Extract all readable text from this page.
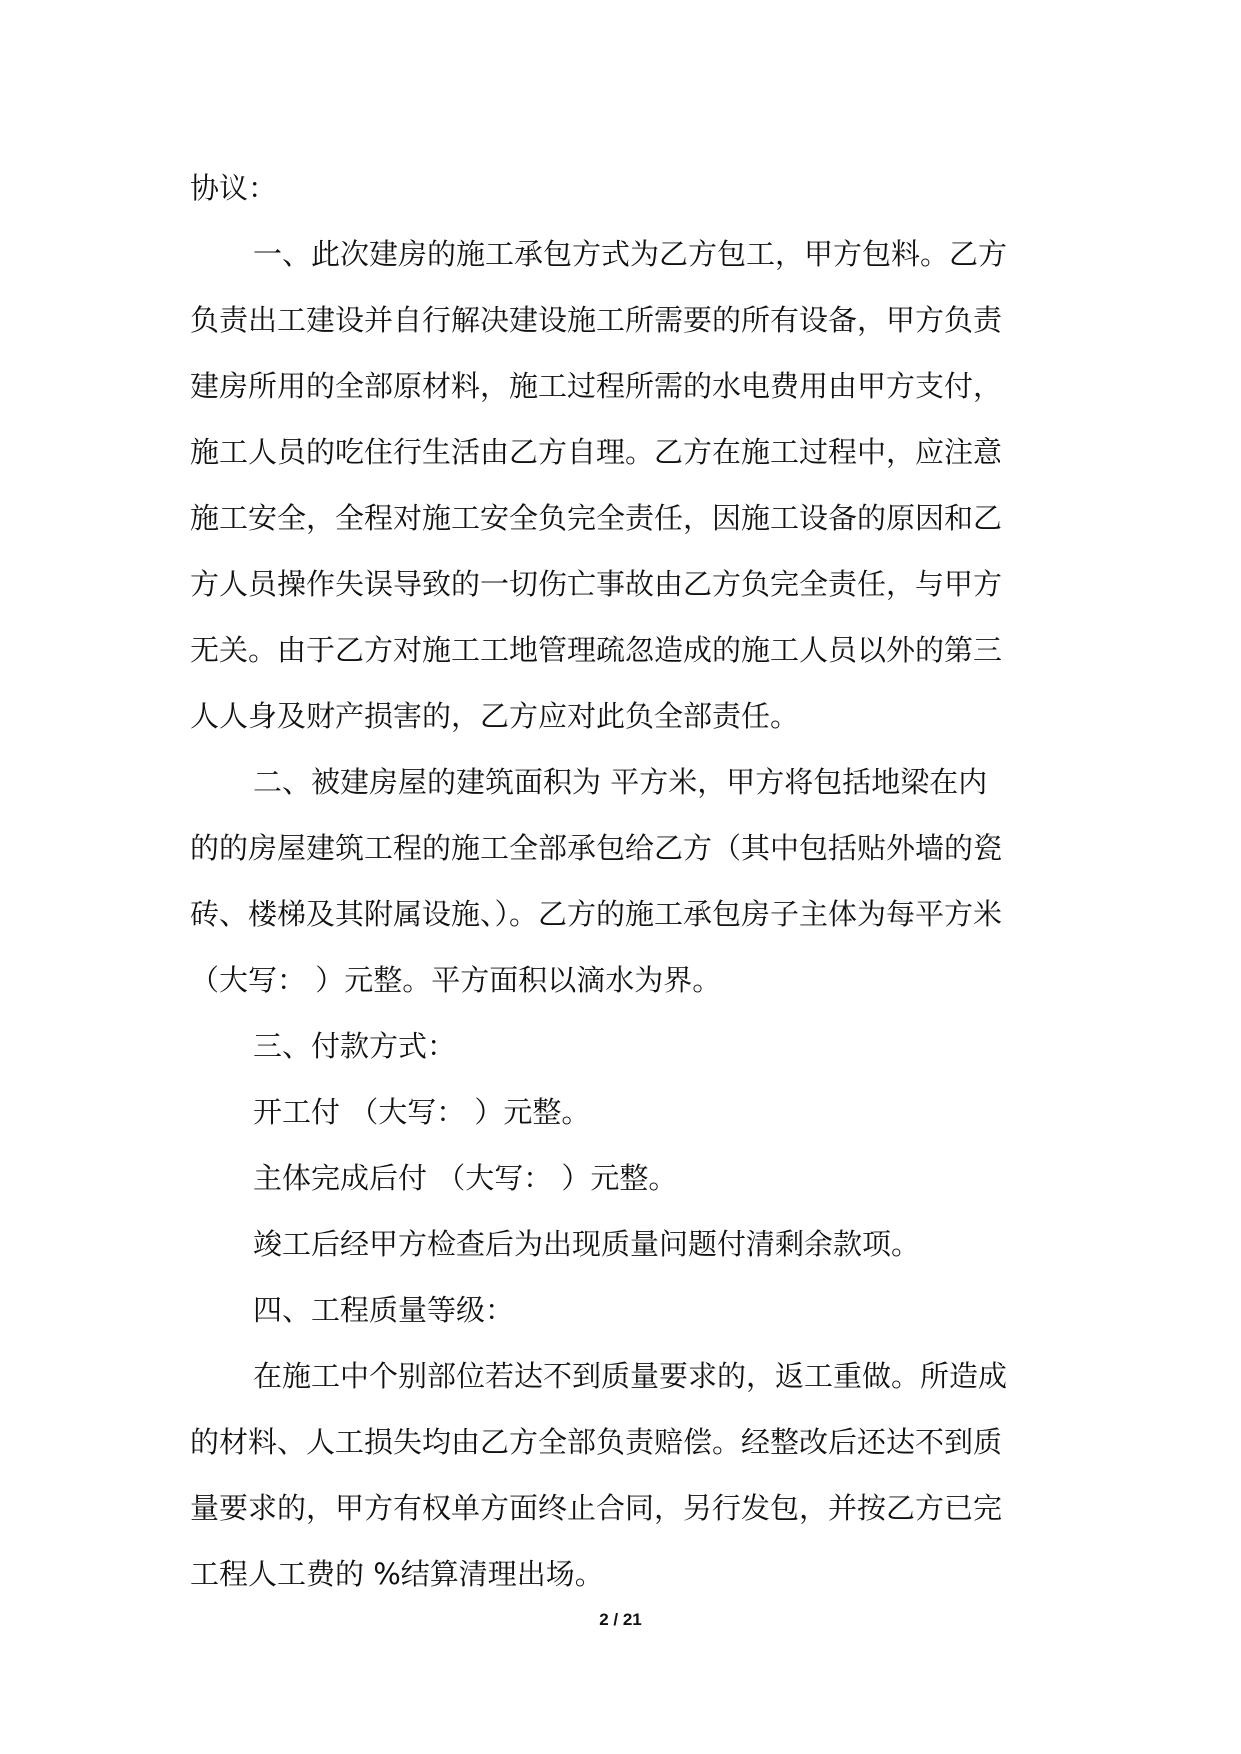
协议：
一、此次建房的施工承包方式为乙方包工，甲方包料。乙方
负责出工建设并自行解决建设施工所需要的所有设备，甲方负责
建房所用的全部原材料，施工过程所需的水电费用由甲方支付，
施工人员的吃住行生活由乙方自理。乙方在施工过程中，应注意
施工安全，全程对施工安全负完全责任，因施工设备的原因和乙
方人员操作失误导致的一切伤亡事故由乙方负完全责任，与甲方
无关。由于乙方对施工工地管理疏忽造成的施工人员以外的第三
人人身及财产损害的，乙方应对此负全部责任。
二、被建房屋的建筑面积为 平方米，甲方将包括地梁在内
的的房屋建筑工程的施工全部承包给乙方（其中包括贴外墙的瓷
砖、楼梯及其附属设施、）。乙方的施工承包房子主体为每平方米
（大写： ）元整。平方面积以滴水为界。
三、付款方式：
开工付 （大写： ）元整。
主体完成后付 （大写： ）元整。
竣工后经甲方检查后为出现质量问题付清剩余款项。
四、工程质量等级：
在施工中个别部位若达不到质量要求的，返工重做。所造成
的材料、人工损失均由乙方全部负责赔偿。经整改后还达不到质
量要求的，甲方有权单方面终止合同，另行发包，并按乙方已完
工程人工费的 %结算清理出场。
2 / 21
